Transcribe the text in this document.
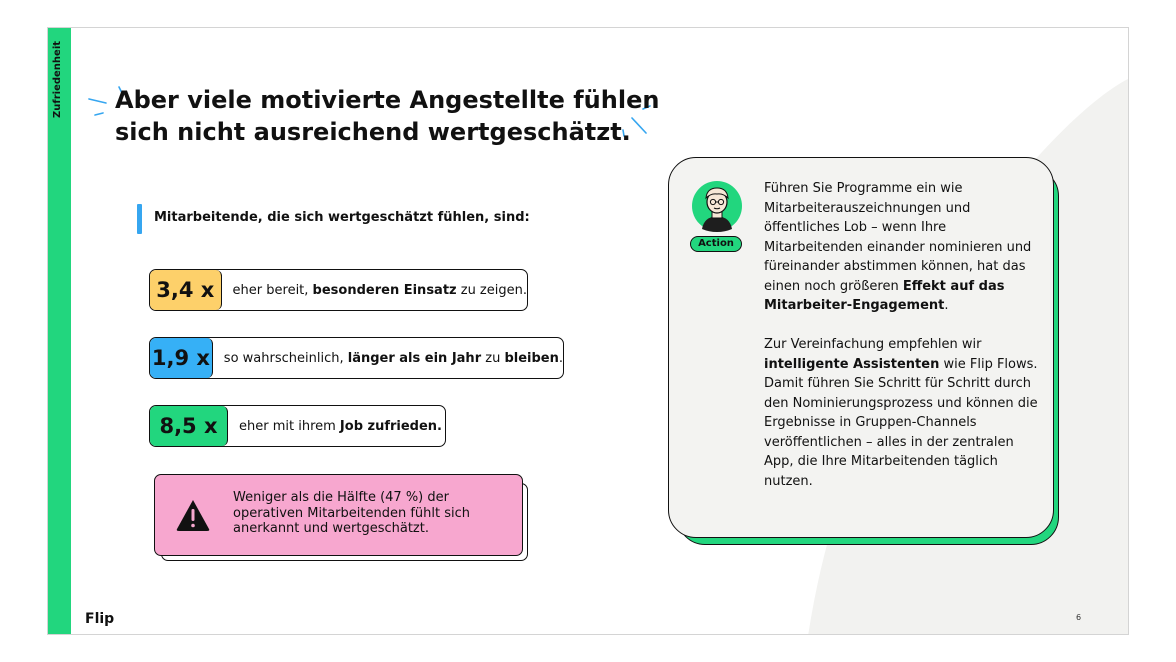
Zufriedenheit Aber viele motivierte Angestellte fühlen
sich nicht ausreichend wertgeschätzt.
Mitarbeitende, die sich wertgeschätzt fühlen, sind:
3,4 x	eher bereit, besonderen Einsatz zu zeigen.
1,9 x	so wahrscheinlich, länger als ein Jahr zu bleiben.
8,5 x	eher mit ihrem Job zufrieden.
Weniger als die Hälfte (47 %) der operativen Mitarbeitenden fühlt sich anerkannt und wertgeschätzt.
Action

Führen Sie Programme ein wie Mitarbeiterauszeichnungen und öffentliches Lob – wenn Ihre Mitarbeitenden einander nominieren und füreinander abstimmen können, hat das einen noch größeren Effekt auf das Mitarbeiter-Engagement.

Zur Vereinfachung empfehlen wir intelligente Assistenten wie Flip Flows. Damit führen Sie Schritt für Schritt durch den Nominierungsprozess und können die Ergebnisse in Gruppen-Channels veröffentlichen – alles in der zentralen App, die Ihre Mitarbeitenden täglich nutzen.

Flip	6
